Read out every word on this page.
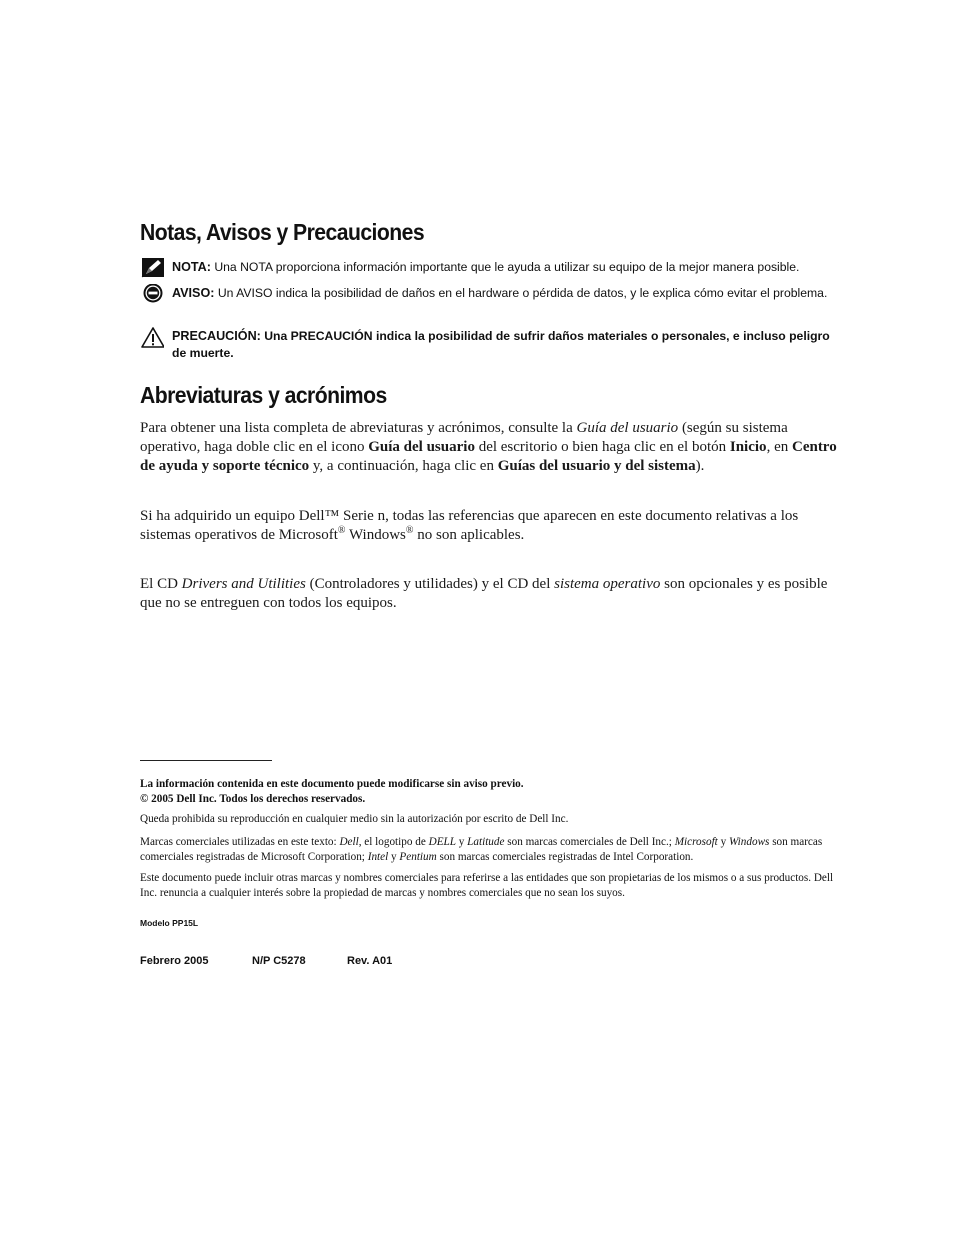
Notas, Avisos y Precauciones
NOTA: Una NOTA proporciona información importante que le ayuda a utilizar su equipo de la mejor manera posible.
AVISO: Un AVISO indica la posibilidad de daños en el hardware o pérdida de datos, y le explica cómo evitar el problema.
PRECAUCIÓN: Una PRECAUCIÓN indica la posibilidad de sufrir daños materiales o personales, e incluso peligro de muerte.
Abreviaturas y acrónimos

Para obtener una lista completa de abreviaturas y acrónimos, consulte la Guía del usuario (según su sistema operativo, haga doble clic en el icono Guía del usuario del escritorio o bien haga clic en el botón Inicio, en Centro de ayuda y soporte técnico y, a continuación, haga clic en Guías del usuario y del sistema).

Si ha adquirido un equipo Dell™ Serie n, todas las referencias que aparecen en este documento relativas a los sistemas operativos de Microsoft® Windows® no son aplicables.

El CD Drivers and Utilities (Controladores y utilidades) y el CD del sistema operativo son opcionales y es posible que no se entreguen con todos los equipos.

La información contenida en este documento puede modificarse sin aviso previo.
© 2005 Dell Inc. Todos los derechos reservados.

Queda prohibida su reproducción en cualquier medio sin la autorización por escrito de Dell Inc.

Marcas comerciales utilizadas en este texto: Dell, el logotipo de DELL y Latitude son marcas comerciales de Dell Inc.; Microsoft y Windows son marcas comerciales registradas de Microsoft Corporation; Intel y Pentium son marcas comerciales registradas de Intel Corporation.

Este documento puede incluir otras marcas y nombres comerciales para referirse a las entidades que son propietarias de los mismos o a sus productos. Dell Inc. renuncia a cualquier interés sobre la propiedad de marcas y nombres comerciales que no sean los suyos.

Modelo PP15L
Febrero 2005	N/P C5278	Rev. A01
